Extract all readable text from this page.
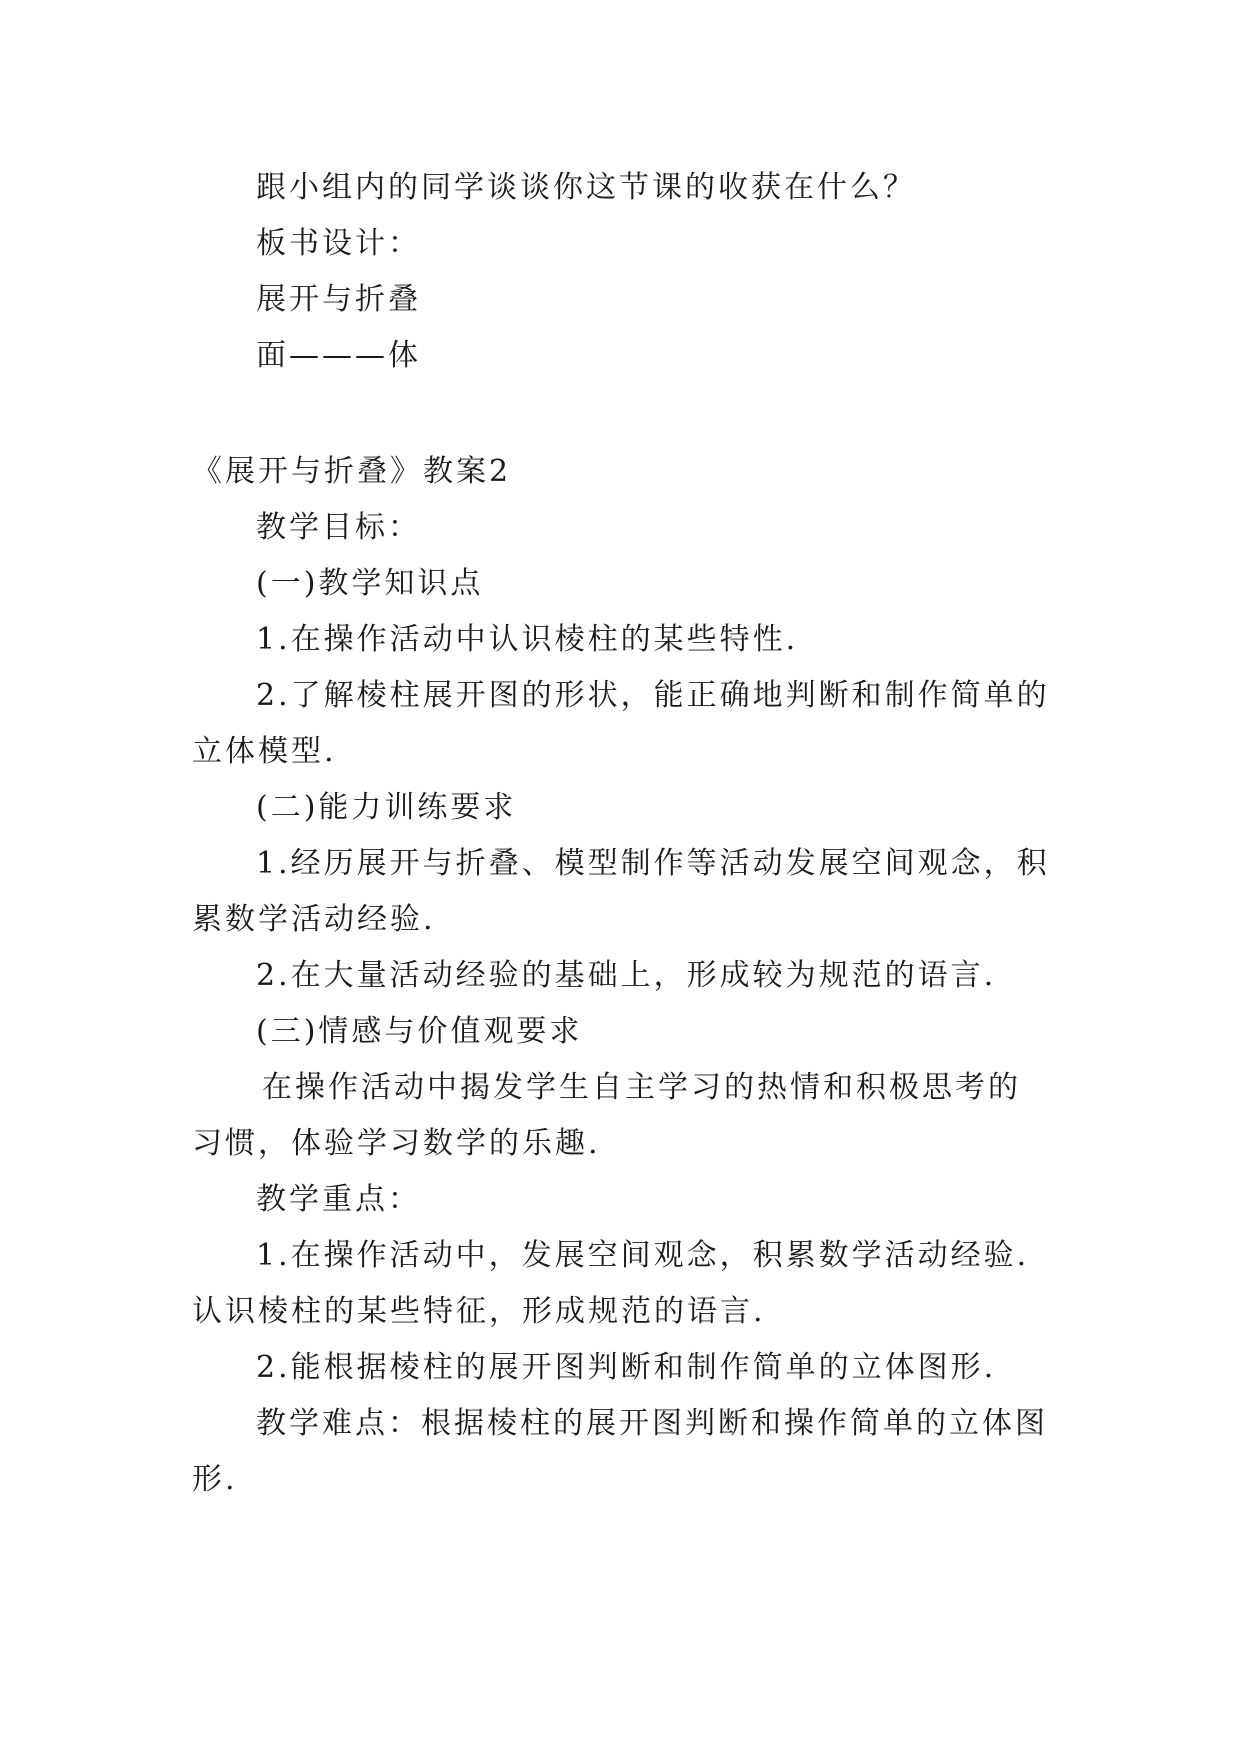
跟小组内的同学谈谈你这节课的收获在什么？
板书设计：
展开与折叠
面———体
《展开与折叠》教案2
教学目标：
(一)教学知识点
1.在操作活动中认识棱柱的某些特性.
2.了解棱柱展开图的形状，能正确地判断和制作简单的
立体模型.
(二)能力训练要求
1.经历展开与折叠、模型制作等活动发展空间观念，积
累数学活动经验.
2.在大量活动经验的基础上，形成较为规范的语言.
(三)情感与价值观要求
在操作活动中揭发学生自主学习的热情和积极思考的
习惯，体验学习数学的乐趣.
教学重点：
1.在操作活动中，发展空间观念，积累数学活动经验.
认识棱柱的某些特征，形成规范的语言.
2.能根据棱柱的展开图判断和制作简单的立体图形.
教学难点：根据棱柱的展开图判断和操作简单的立体图
形.
